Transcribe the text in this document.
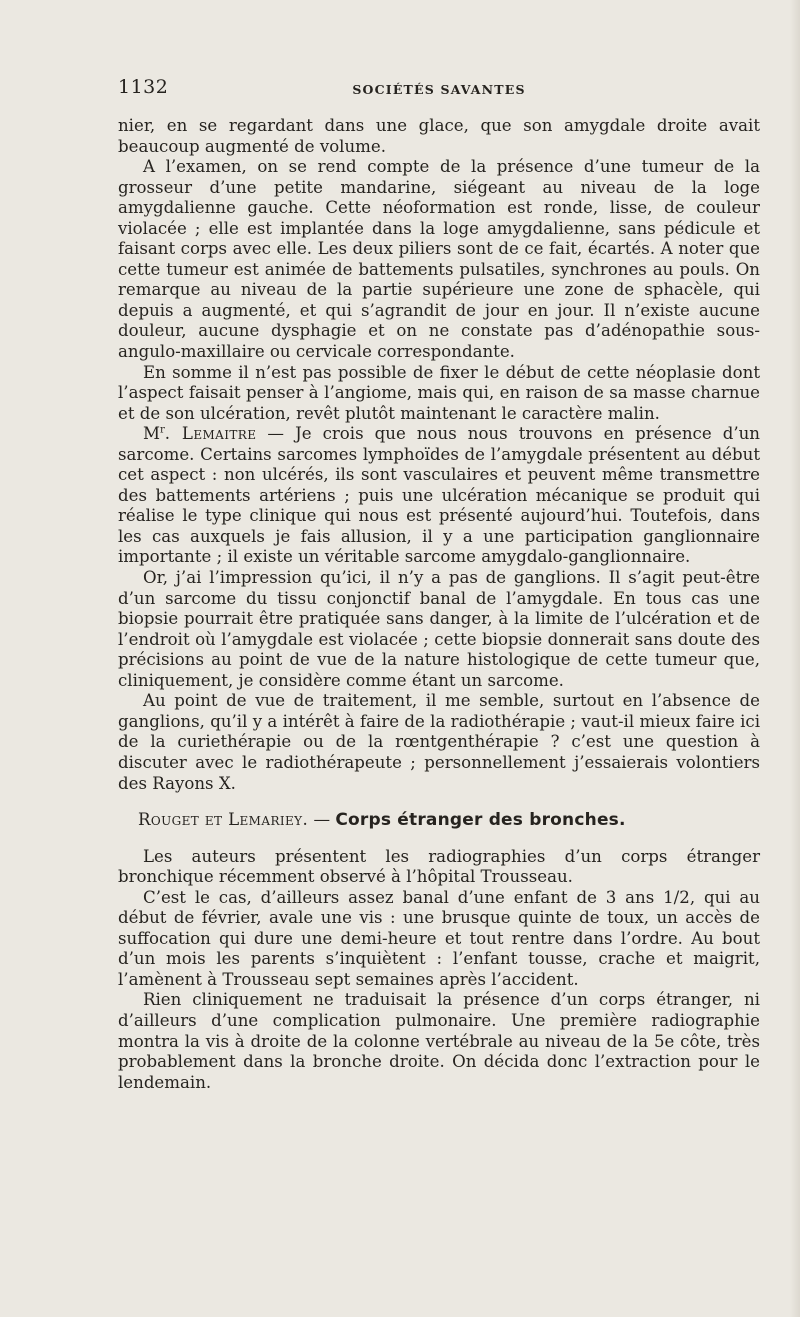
1132	SOCIÉTÉS SAVANTES

nier, en se regardant dans une glace, que son amygdale droite avait beaucoup augmenté de volume.

A l’examen, on se rend compte de la présence d’une tumeur de la grosseur d’une petite mandarine, siégeant au niveau de la loge amygdalienne gauche. Cette néoformation est ronde, lisse, de couleur violacée ; elle est implantée dans la loge amygdalienne, sans pédicule et faisant corps avec elle. Les deux piliers sont de ce fait, écartés. A noter que cette tumeur est animée de battements pulsatiles, synchrones au pouls. On remarque au niveau de la partie supérieure une zone de sphacèle, qui depuis a augmenté, et qui s’agrandit de jour en jour. Il n’existe aucune douleur, aucune dysphagie et on ne constate pas d’adénopathie sous-angulo-maxillaire ou cervicale correspondante.

En somme il n’est pas possible de fixer le début de cette néoplasie dont l’aspect faisait penser à l’angiome, mais qui, en raison de sa masse charnue et de son ulcération, revêt plutôt maintenant le caractère malin.

$M^r$. Lemaitre — Je crois que nous nous trouvons en présence d’un sarcome. Certains sarcomes lymphoïdes de l’amygdale présentent au début cet aspect : non ulcérés, ils sont vasculaires et peuvent même transmettre des battements artériens ; puis une ulcération mécanique se produit qui réalise le type clinique qui nous est présenté aujourd’hui. Toutefois, dans les cas auxquels je fais allusion, il y a une participation ganglionnaire importante ; il existe un véritable sarcome amygdalo-ganglionnaire.

Or, j’ai l’impression qu’ici, il n’y a pas de ganglions. Il s’agit peut-être d’un sarcome du tissu conjonctif banal de l’amygdale. En tous cas une biopsie pourrait être pratiquée sans danger, à la limite de l’ulcération et de l’endroit où l’amygdale est violacée ; cette biopsie donnerait sans doute des précisions au point de vue de la nature histologique de cette tumeur que, cliniquement, je considère comme étant un sarcome.

Au point de vue de traitement, il me semble, surtout en l’absence de ganglions, qu’il y a intérêt à faire de la radiothérapie ; vaut-il mieux faire ici de la curiethérapie ou de la rœntgenthérapie ? c’est une question à discuter avec le radiothérapeute ; personnellement j’essaierais volontiers des Rayons X.

Rouget et Lemariey. — Corps étranger des bronches.

Les auteurs présentent les radiographies d’un corps étranger bronchique récemment observé à l’hôpital Trousseau.

C’est le cas, d’ailleurs assez banal d’une enfant de 3 ans 1/2, qui au début de février, avale une vis : une brusque quinte de toux, un accès de suffocation qui dure une demi-heure et tout rentre dans l’ordre. Au bout d’un mois les parents s’inquiètent : l’enfant tousse, crache et maigrit, l’amènent à Trousseau sept semaines après l’accident.

Rien cliniquement ne traduisait la présence d’un corps étranger, ni d’ailleurs d’une complication pulmonaire. Une première radiographie montra la vis à droite de la colonne vertébrale au niveau de la 5e côte, très probablement dans la bronche droite. On décida donc l’extraction pour le lendemain.
